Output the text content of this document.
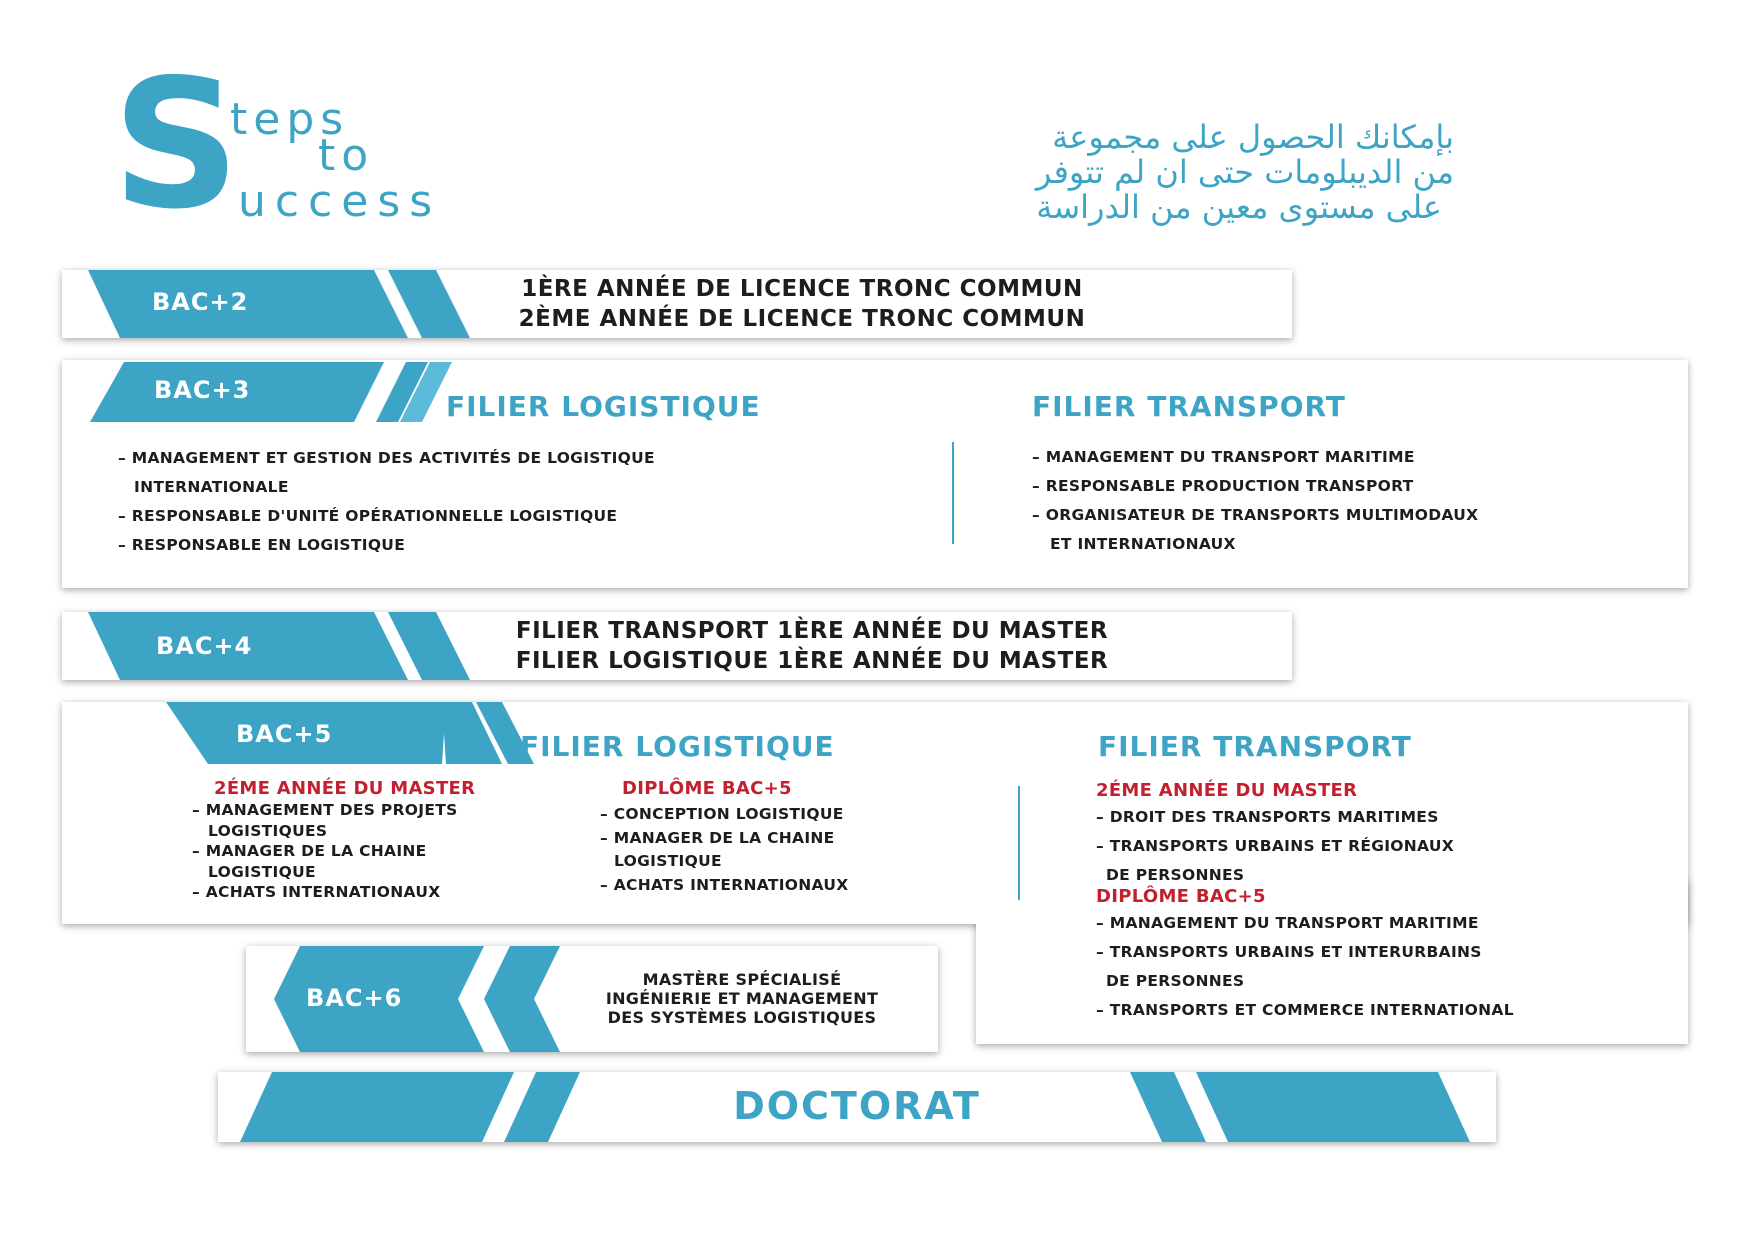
S
teps
to
uccess
بإمكانك الحصول على مجموعة
من الديبلومات حتى ان لم تتوفر
على مستوى معين من الدراسة
BAC+2	1ÈRE ANNÉE DE LICENCE TRONC COMMUN
2ÈME ANNÉE DE LICENCE TRONC COMMUN
BAC+3	FILIER LOGISTIQUE
– MANAGEMENT ET GESTION DES ACTIVITÉS DE LOGISTIQUE
INTERNATIONALE
– RESPONSABLE D'UNITÉ OPÉRATIONNELLE LOGISTIQUE
– RESPONSABLE EN LOGISTIQUE
FILIER TRANSPORT
– MANAGEMENT DU TRANSPORT MARITIME
– RESPONSABLE PRODUCTION TRANSPORT
– ORGANISATEUR DE TRANSPORTS MULTIMODAUX
ET INTERNATIONAUX
BAC+4
FILIER TRANSPORT 1ÈRE ANNÉE DU MASTER
FILIER LOGISTIQUE 1ÈRE ANNÉE DU MASTER
BAC+5	FILIER LOGISTIQUE
2ÉME ANNÉE DU MASTER
– MANAGEMENT DES PROJETS
LOGISTIQUES
– MANAGER DE LA CHAINE
LOGISTIQUE
– ACHATS INTERNATIONAUX
DIPLÔME BAC+5
– CONCEPTION LOGISTIQUE
– MANAGER DE LA CHAINE
LOGISTIQUE
– ACHATS INTERNATIONAUX
FILIER TRANSPORT
2ÉME ANNÉE DU MASTER
– DROIT DES TRANSPORTS MARITIMES
– TRANSPORTS URBAINS ET RÉGIONAUX
DE PERSONNES
DIPLÔME BAC+5
– MANAGEMENT DU TRANSPORT MARITIME
– TRANSPORTS URBAINS ET INTERURBAINS
DE PERSONNES
– TRANSPORTS ET COMMERCE INTERNATIONAL
BAC+6
MASTÈRE SPÉCIALISÉ
INGÉNIERIE ET MANAGEMENT
DES SYSTÈMES LOGISTIQUES
DOCTORAT
